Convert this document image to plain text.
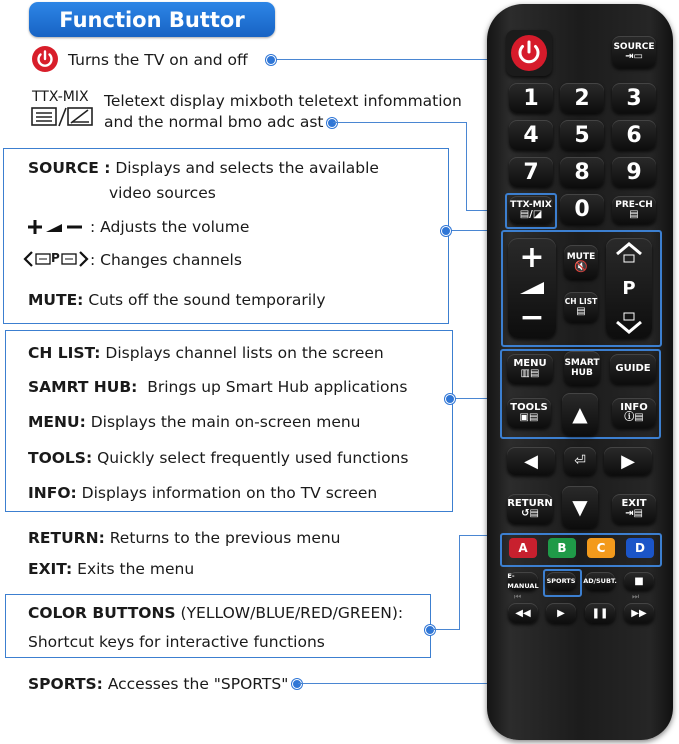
Function Buttor
Turns the TV on and off
TTX-MIX Teletext display mixboth teletext infommation
and the normal bmo adc ast
SOURCE : Displays and selects the available
video sources
: Adjusts the volume
P : Changes channels
MUTE: Cuts off the sound temporarily
CH LIST: Displays channel lists on the screen
SAMRT HUB: Brings up Smart Hub applications
MENU: Displays the main on-screen menu
TOOLS: Quickly select frequently used functions
INFO: Displays information on tho TV screen
RETURN: Returns to the previous menu
EXIT: Exits the menu
COLOR BUTTONS (YELLOW/BLUE/RED/GREEN):
Shortcut keys for interactive functions
SPORTS: Accesses the "SPORTS"
SOURCE
⇥▭
1	2	3
4	5	6
7	8	9
TTX-MIX
▤/◪	0	PRE-CH
▤
+
−
MUTE
🔇
CH LIST
▤
P
MENU
▥▤
SMART
HUB GUIDE
TOOLS
▣▤
INFO
ⓘ▤
▲
◀	⏎	▶
▼
RETURN
↺▤
EXIT
⇥▤
A	B	C	D
E-MANUAL
SPORTS AD/SUBT.	■
⏮	⏭
◀◀	▶	❚❚	▶▶
